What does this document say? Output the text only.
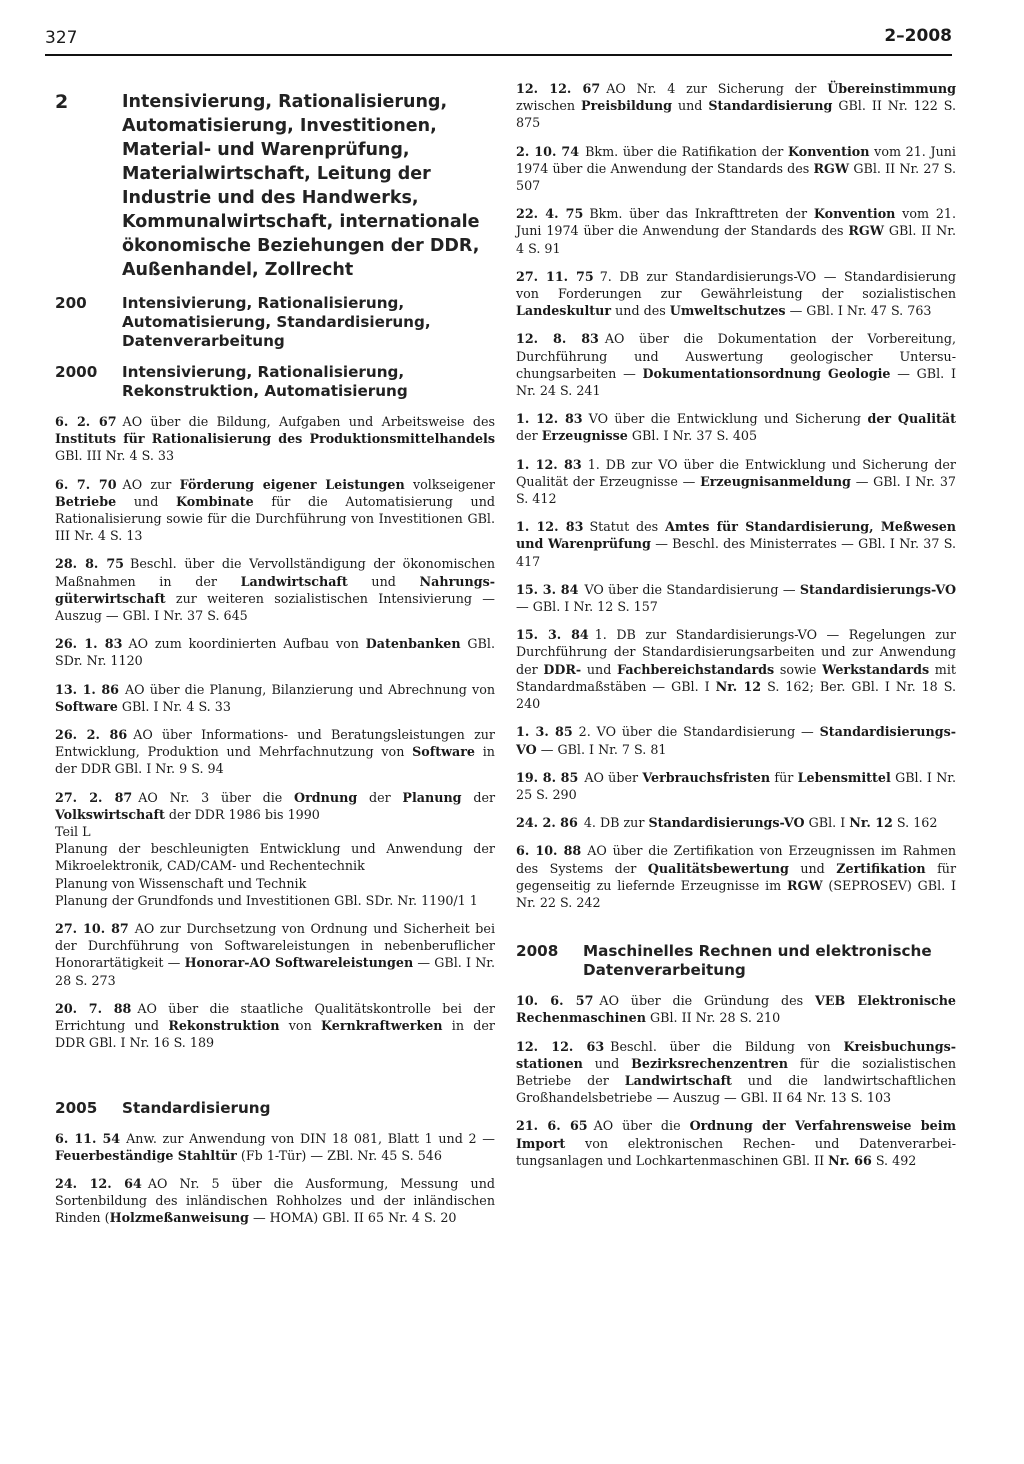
327	2–2008
2	Intensivierung, Rationalisierung, Automatisierung, Investitionen, Material- und Warenprüfung, Materialwirtschaft, Leitung der Industrie und des Handwerks, Kommunalwirtschaft, internationale ökonomische Beziehungen der DDR, Außenhandel, Zollrecht
200	Intensivierung, Rationalisierung, Automatisierung, Standardisierung, Datenverarbeitung
2000	Intensivierung, Rationalisierung, Rekonstruktion, Automatisierung
6. 2. 67 AO über die Bildung, Aufgaben und Arbeitsweise des Instituts für Rationalisierung des Produktionsmittelhandels GBl. III Nr. 4 S. 33
6. 7. 70 AO zur Förderung eigener Leistungen volkseigener Betriebe und Kombinate für die Automatisierung und Rationalisierung sowie für die Durchführung von Investitionen GBl. III Nr. 4 S. 13
28. 8. 75 Beschl. über die Vervollständigung der ökonomischen Maßnahmen in der Landwirtschaft und Nahrungsgüterwirtschaft zur weiteren sozialistischen Intensivierung — Auszug — GBl. I Nr. 37 S. 645
26. 1. 83 AO zum koordinierten Aufbau von Datenbanken GBl. SDr. Nr. 1120
13. 1. 86 AO über die Planung, Bilanzierung und Abrechnung von Software GBl. I Nr. 4 S. 33
26. 2. 86 AO über Informations- und Beratungsleistungen zur Entwicklung, Produktion und Mehrfachnutzung von Software in der DDR GBl. I Nr. 9 S. 94
27. 2. 87 AO Nr. 3 über die Ordnung der Planung der Volkswirtschaft der DDR 1986 bis 1990
Teil L
Planung der beschleunigten Entwicklung und Anwendung der Mikroelektronik, CAD/CAM- und Rechentechnik
Planung von Wissenschaft und Technik
Planung der Grundfonds und Investitionen GBl. SDr. Nr. 1190/1 1
27. 10. 87 AO zur Durchsetzung von Ordnung und Sicherheit bei der Durchführung von Softwareleistungen in nebenberuflicher Honorartätigkeit — Honorar-AO Softwareleistungen — GBl. I Nr. 28 S. 273
20. 7. 88 AO über die staatliche Qualitätskontrolle bei der Errichtung und Rekonstruktion von Kernkraftwerken in der DDR GBl. I Nr. 16 S. 189
2005	Standardisierung
6. 11. 54 Anw. zur Anwendung von DIN 18 081, Blatt 1 und 2 — Feuerbeständige Stahltür (Fb 1-Tür) — ZBl. Nr. 45 S. 546
24. 12. 64 AO Nr. 5 über die Ausformung, Messung und Sortenbildung des inländischen Rohholzes und der inländischen Rinden (Holzmeßanweisung — HOMA) GBl. II 65 Nr. 4 S. 20
12. 12. 67 AO Nr. 4 zur Sicherung der Übereinstimmung zwischen Preisbildung und Standardisierung GBl. II Nr. 122 S. 875
2. 10. 74 Bkm. über die Ratifikation der Konvention vom 21. Juni 1974 über die Anwendung der Standards des RGW GBl. II Nr. 27 S. 507
22. 4. 75 Bkm. über das Inkrafttreten der Konvention vom 21. Juni 1974 über die Anwendung der Standards des RGW GBl. II Nr. 4 S. 91
27. 11. 75 7. DB zur Standardisierungs-VO — Standardisierung von Forderungen zur Gewährleistung der sozialistischen Landeskultur und des Umweltschutzes — GBl. I Nr. 47 S. 763
12. 8. 83 AO über die Dokumentation der Vorbereitung, Durchführung und Auswertung geologischer Untersuchungsarbeiten — Dokumentationsordnung Geologie — GBl. I Nr. 24 S. 241
1. 12. 83 VO über die Entwicklung und Sicherung der Qualität der Erzeugnisse GBl. I Nr. 37 S. 405
1. 12. 83 1. DB zur VO über die Entwicklung und Sicherung der Qualität der Erzeugnisse — Erzeugnisanmeldung — GBl. I Nr. 37 S. 412
1. 12. 83 Statut des Amtes für Standardisierung, Meßwesen und Warenprüfung — Beschl. des Ministerrates — GBl. I Nr. 37 S. 417
15. 3. 84 VO über die Standardisierung — Standardisierungs-VO — GBl. I Nr. 12 S. 157
15. 3. 84 1. DB zur Standardisierungs-VO — Regelungen zur Durchführung der Standardisierungsarbeiten und zur Anwendung der DDR- und Fachbereichstandards sowie Werkstandards mit Standardmaßstäben — GBl. I Nr. 12 S. 162; Ber. GBl. I Nr. 18 S. 240
1. 3. 85 2. VO über die Standardisierung — Standardisierungs-VO — GBl. I Nr. 7 S. 81
19. 8. 85 AO über Verbrauchsfristen für Lebensmittel GBl. I Nr. 25 S. 290
24. 2. 86 4. DB zur Standardisierungs-VO GBl. I Nr. 12 S. 162
6. 10. 88 AO über die Zertifikation von Erzeugnissen im Rahmen des Systems der Qualitätsbewertung und Zertifikation für gegenseitig zu liefernde Erzeugnisse im RGW (SEPROSEV) GBl. I Nr. 22 S. 242
2008	Maschinelles Rechnen und elektronische Datenverarbeitung
10. 6. 57 AO über die Gründung des VEB Elektronische Rechenmaschinen GBl. II Nr. 28 S. 210
12. 12. 63 Beschl. über die Bildung von Kreisbuchungsstationen und Bezirksrechenzentren für die sozialistischen Betriebe der Landwirtschaft und die landwirtschaftlichen Großhandelsbetriebe — Auszug — GBl. II 64 Nr. 13 S. 103
21. 6. 65 AO über die Ordnung der Verfahrensweise beim Import von elektronischen Rechen- und Datenverarbeitungsanlagen und Lochkartenmaschinen GBl. II Nr. 66 S. 492
